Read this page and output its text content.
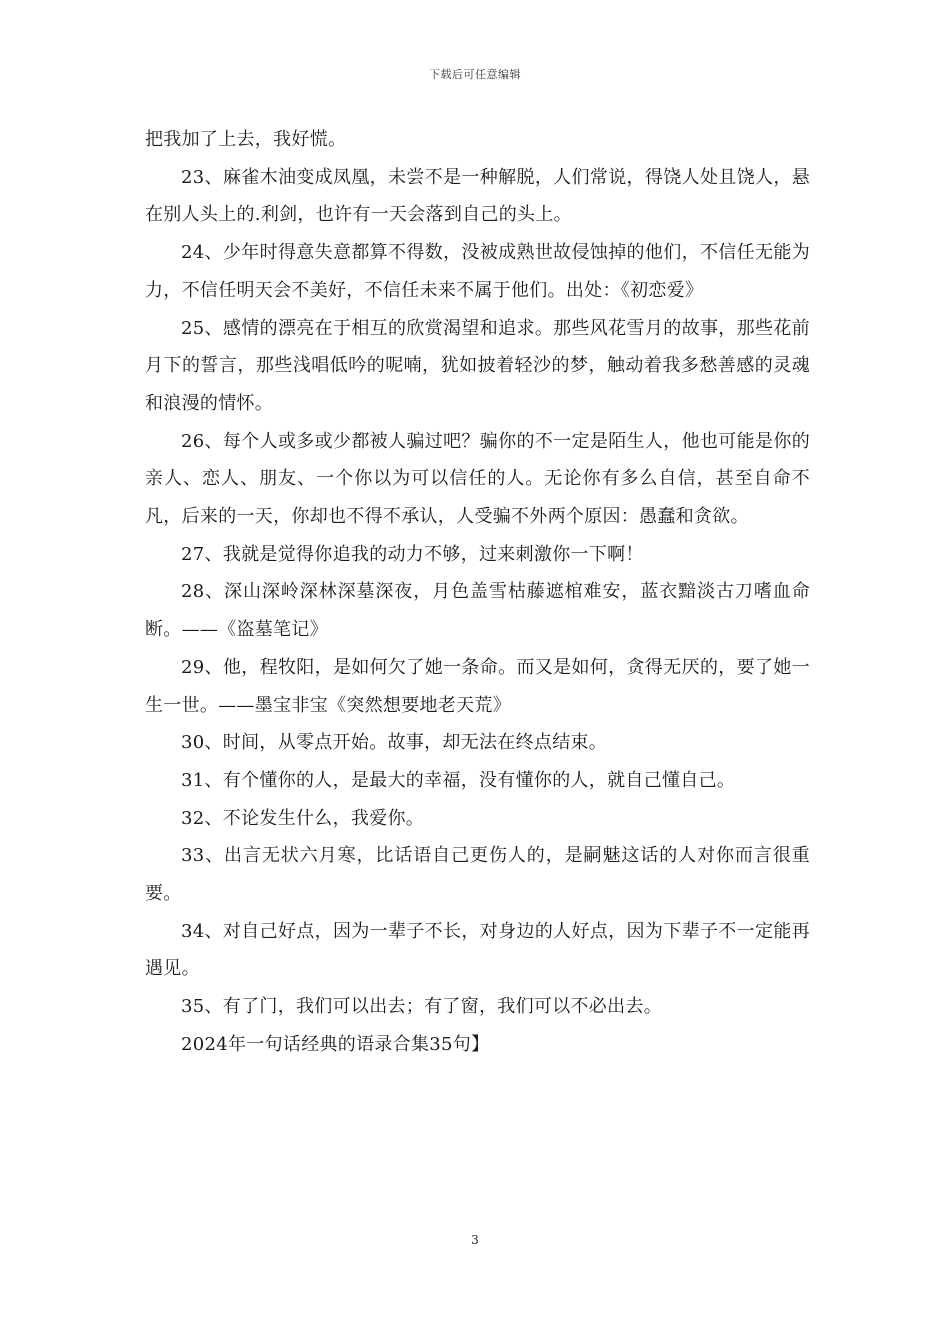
下载后可任意编辑

把我加了上去，我好慌。

23、麻雀木油变成凤凰，未尝不是一种解脱，人们常说，得饶人处且饶人，悬在别人头上的.利剑，也许有一天会落到自己的头上。

24、少年时得意失意都算不得数，没被成熟世故侵蚀掉的他们，不信任无能为力，不信任明天会不美好，不信任未来不属于他们。出处：《初恋爱》

25、感情的漂亮在于相互的欣赏渴望和追求。那些风花雪月的故事，那些花前月下的誓言，那些浅唱低吟的呢喃，犹如披着轻沙的梦，触动着我多愁善感的灵魂和浪漫的情怀。

26、每个人或多或少都被人骗过吧？骗你的不一定是陌生人，他也可能是你的亲人、恋人、朋友、一个你以为可以信任的人。无论你有多么自信，甚至自命不凡，后来的一天，你却也不得不承认，人受骗不外两个原因：愚蠢和贪欲。

27、我就是觉得你追我的动力不够，过来刺激你一下啊！

28、深山深岭深林深墓深夜，月色盖雪枯藤遮棺难安，蓝衣黯淡古刀嗜血命断。——《盗墓笔记》

29、他，程牧阳，是如何欠了她一条命。而又是如何，贪得无厌的，要了她一生一世。——墨宝非宝《突然想要地老天荒》

30、时间，从零点开始。故事，却无法在终点结束。

31、有个懂你的人，是最大的幸福，没有懂你的人，就自己懂自己。

32、不论发生什么，我爱你。

33、出言无状六月寒，比话语自己更伤人的，是嗣魅这话的人对你而言很重要。

34、对自己好点，因为一辈子不长，对身边的人好点，因为下辈子不一定能再遇见。

35、有了门，我们可以出去；有了窗，我们可以不必出去。

2024年一句话经典的语录合集35句】

3
